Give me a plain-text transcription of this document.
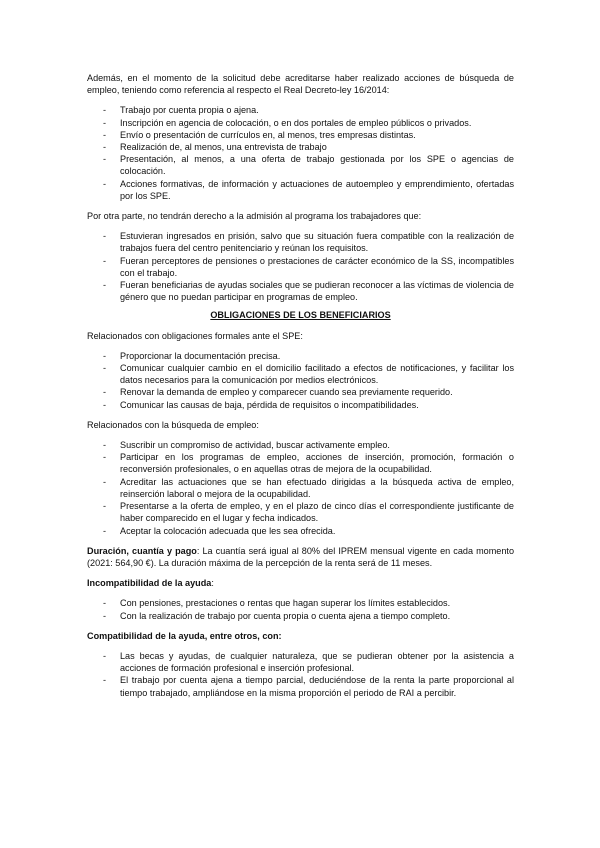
Además, en el momento de la solicitud debe acreditarse haber realizado acciones de búsqueda de empleo, teniendo como referencia al respecto el Real Decreto-ley 16/2014:

- Trabajo por cuenta propia o ajena.
- Inscripción en agencia de colocación, o en dos portales de empleo públicos o privados.
- Envío o presentación de currículos en, al menos, tres empresas distintas.
- Realización de, al menos, una entrevista de trabajo
- Presentación, al menos, a una oferta de trabajo gestionada por los SPE o agencias de colocación.
- Acciones formativas, de información y actuaciones de autoempleo y emprendimiento, ofertadas por los SPE.

Por otra parte, no tendrán derecho a la admisión al programa los trabajadores que:

- Estuvieran ingresados en prisión, salvo que su situación fuera compatible con la realización de trabajos fuera del centro penitenciario y reúnan los requisitos.
- Fueran perceptores de pensiones o prestaciones de carácter económico de la SS, incompatibles con el trabajo.
- Fueran beneficiarias de ayudas sociales que se pudieran reconocer a las víctimas de violencia de género que no puedan participar en programas de empleo.

OBLIGACIONES DE LOS BENEFICIARIOS

Relacionados con obligaciones formales ante el SPE:

- Proporcionar la documentación precisa.
- Comunicar cualquier cambio en el domicilio facilitado a efectos de notificaciones, y facilitar los datos necesarios para la comunicación por medios electrónicos.
- Renovar la demanda de empleo y comparecer cuando sea previamente requerido.
- Comunicar las causas de baja, pérdida de requisitos o incompatibilidades.

Relacionados con la búsqueda de empleo:

- Suscribir un compromiso de actividad, buscar activamente empleo.
- Participar en los programas de empleo, acciones de inserción, promoción, formación o reconversión profesionales, o en aquellas otras de mejora de la ocupabilidad.
- Acreditar las actuaciones que se han efectuado dirigidas a la búsqueda activa de empleo, reinserción laboral o mejora de la ocupabilidad.
- Presentarse a la oferta de empleo, y en el plazo de cinco días el correspondiente justificante de haber comparecido en el lugar y fecha indicados.
- Aceptar la colocación adecuada que les sea ofrecida.

Duración, cuantía y pago: La cuantía será igual al 80% del IPREM mensual vigente en cada momento (2021: 564,90 €). La duración máxima de la percepción de la renta será de 11 meses.

Incompatibilidad de la ayuda:

- Con pensiones, prestaciones o rentas que hagan superar los límites establecidos.
- Con la realización de trabajo por cuenta propia o cuenta ajena a tiempo completo.

Compatibilidad de la ayuda, entre otros, con:

- Las becas y ayudas, de cualquier naturaleza, que se pudieran obtener por la asistencia a acciones de formación profesional e inserción profesional.
- El trabajo por cuenta ajena a tiempo parcial, deduciéndose de la renta la parte proporcional al tiempo trabajado, ampliándose en la misma proporción el periodo de RAI a percibir.
